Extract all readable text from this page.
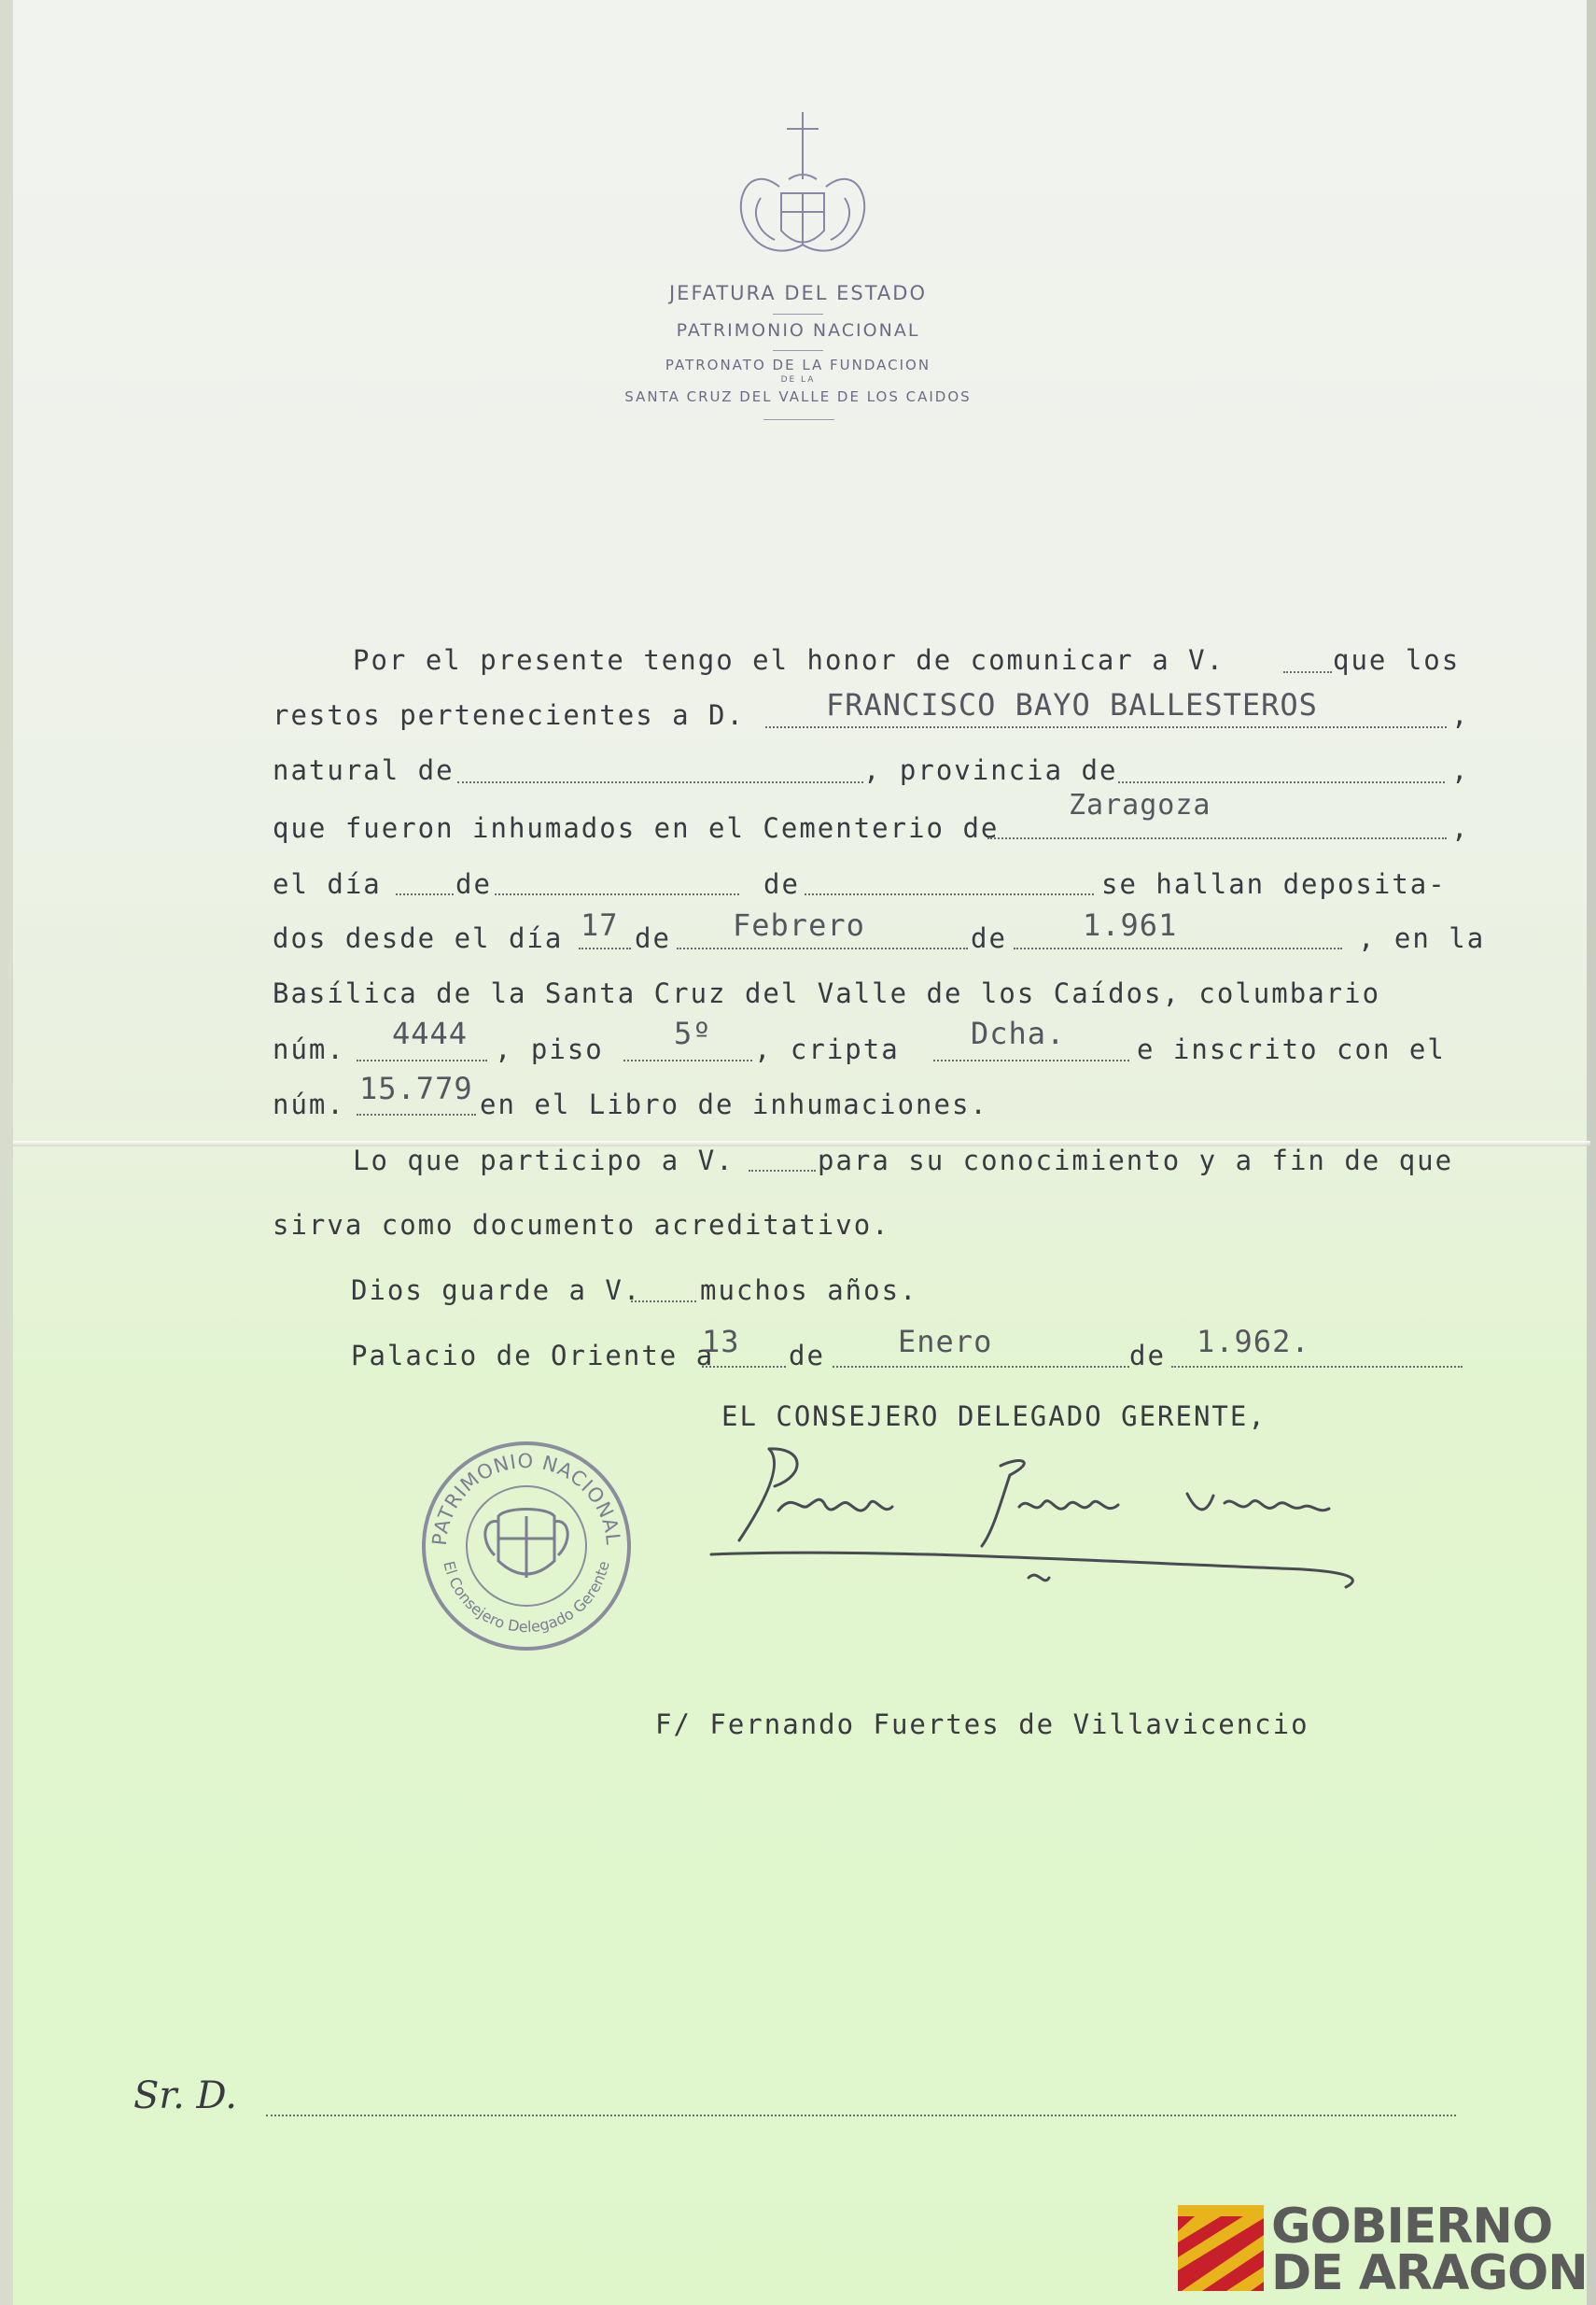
JEFATURA DEL ESTADO
PATRIMONIO NACIONAL
PATRONATO DE LA FUNDACION
DE LA
SANTA CRUZ DEL VALLE DE LOS CAIDOS
Por el presente tengo el honor de comunicar a V.	que los
restos pertenecientes a D.	FRANCISCO BAYO BALLESTEROS	,
natural de	, provincia de	,
que fueron inhumados en el Cementerio de
Zaragoza
,
el día	de	de	se hallan deposita-
dos desde el día 17 de Febrero	de	1.961	, en la
Basílica de la Santa Cruz del Valle de los Caídos, columbario
núm. 4444 , piso 5º , cripta Dcha.	e inscrito con el
núm. 15.779 en el Libro de inhumaciones.
Lo que participo a V.	para su conocimiento y a fin de que
sirva como documento acreditativo.
Dios guarde a V. muchos años.
Palacio de Oriente a
13 de Enero	de 1.962.
EL CONSEJERO DELEGADO GERENTE,
PATRIMONIO NACIONAL
El Consejero Delegado Gerente
F/ Fernando Fuertes de Villavicencio
Sr. D.
GOBIERNO
DE ARAGON
